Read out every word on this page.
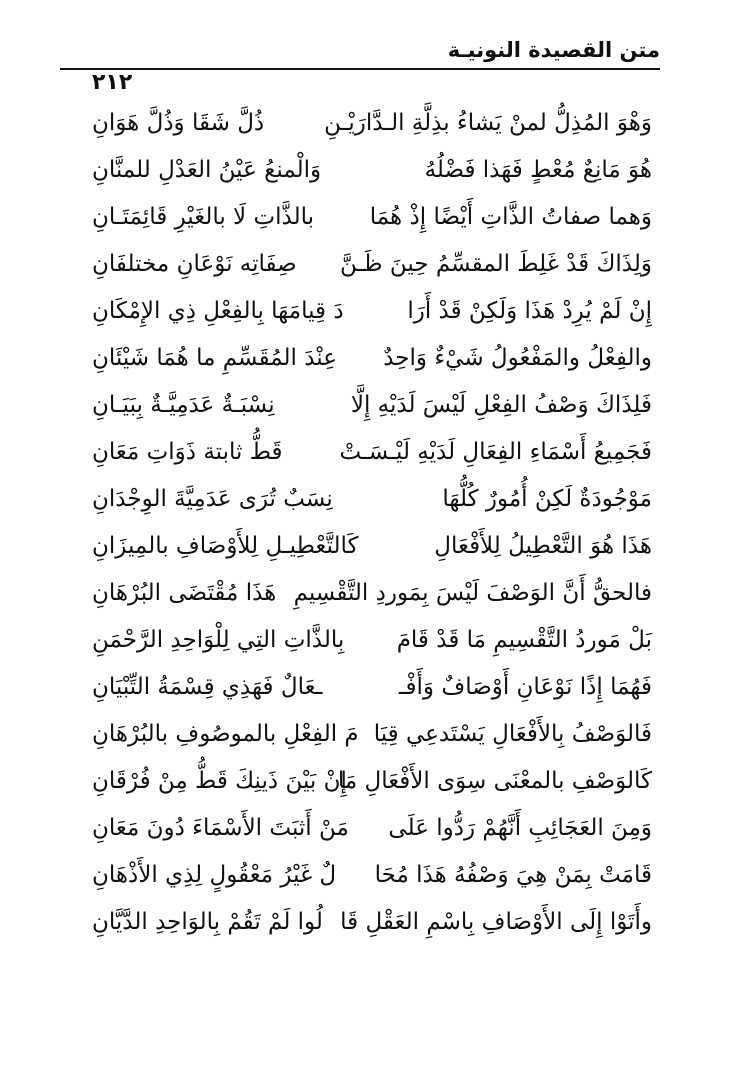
متن القصيدة النونيـة
٢١٢
وَهْوَ المُذِلُّ لمنْ يَشاءُ بذِلَّةِ الـدَّارَيْـنِ
ذُلَّ شَقَا وَذُلَّ هَوَانِ
هُوَ مَانِعٌ مُعْطٍ فَهَذا فَضْلُهُ
وَالْمنعُ عَيْنُ العَدْلِ للمنَّانِ
وَهما صفاتُ الذَّاتِ أَيْضًا إِذْ هُمَا
بالذَّاتِ لَا بالغَيْرِ قَائِمَتَـانِ
وَلِذَاكَ قَدْ غَلِطَ المقسِّمُ حِينَ ظَـنَّ
صِفَاتِه نَوْعَانِ مختلفَانِ
إِنْ لَمْ يُرِدْ هَذَا وَلَكِنْ قَدْ أَرَا
دَ قِيامَهَا بِالفِعْلِ ذِي الإِمْكَانِ
والفِعْلُ والمَفْعُولُ شَيْءٌ وَاحِدٌ
عِنْدَ المُقَسِّمِ ما هُمَا شَيْئَانِ
فَلِذَاكَ وَصْفُ الفِعْلِ لَيْسَ لَدَيْهِ إِلَّا
نِسْبَـةٌ عَدَمِيَّـةٌ بِبَيَـانِ
فَجَمِيعُ أَسْمَاءِ الفِعَالِ لَدَيْهِ لَيْـسَـتْ
قَطُّ ثابتة ذَوَاتِ مَعَانِ
مَوْجُودَةٌ لَكِنْ أُمُورٌ كُلُّهَا
نِسَبٌ تُرَى عَدَمِيَّةَ الوِجْدَانِ
هَذَا هُوَ التَّعْطِيلُ لِلأَفْعَالِ
كَالتَّعْطِيـلِ لِلأَوْصَافِ بالمِيزَانِ
فالحقُّ أَنَّ الوَصْفَ لَيْسَ بِمَوردِ التَّقْسِيمِ
هَذَا مُقْتَضَى البُرْهَانِ
بَلْ مَوردُ التَّقْسِيمِ مَا قَدْ قَامَ
بِالذَّاتِ التِي لِلْوَاحِدِ الرَّحْمَنِ
فَهُمَا إِذًا نَوْعَانِ أَوْصَافٌ وَأَفْـ
ـعَالٌ فَهَذِي قِسْمَةُ التِّبْيَانِ
فَالوَصْفُ بِالأَفْعَالِ يَسْتَدعِي قِيَا
مَ الفِعْلِ بالموصُوفِ بالبُرْهَانِ
كَالوَصْفِ بالمعْنَى سِوَى الأَفْعَالِ مَا
إِنْ بَيْنَ ذَينِكَ قَطُّ مِنْ فُرْقَانِ
وَمِنَ العَجَائِبِ أَنَّهُمْ رَدُّوا عَلَى
مَنْ أَثبَتَ الأَسْمَاءَ دُونَ مَعَانِ
قَامَتْ بِمَنْ هِيَ وَصْفُهُ هَذَا مُحَا
لٌ غَيْرُ مَعْقُولٍ لِذِي الأَذْهَانِ
وأَتَوْا إِلَى الأَوْصَافِ بِاسْمِ العَقْلِ قَا
لُوا لَمْ تَقُمْ بِالوَاحِدِ الدَّيَّانِ
